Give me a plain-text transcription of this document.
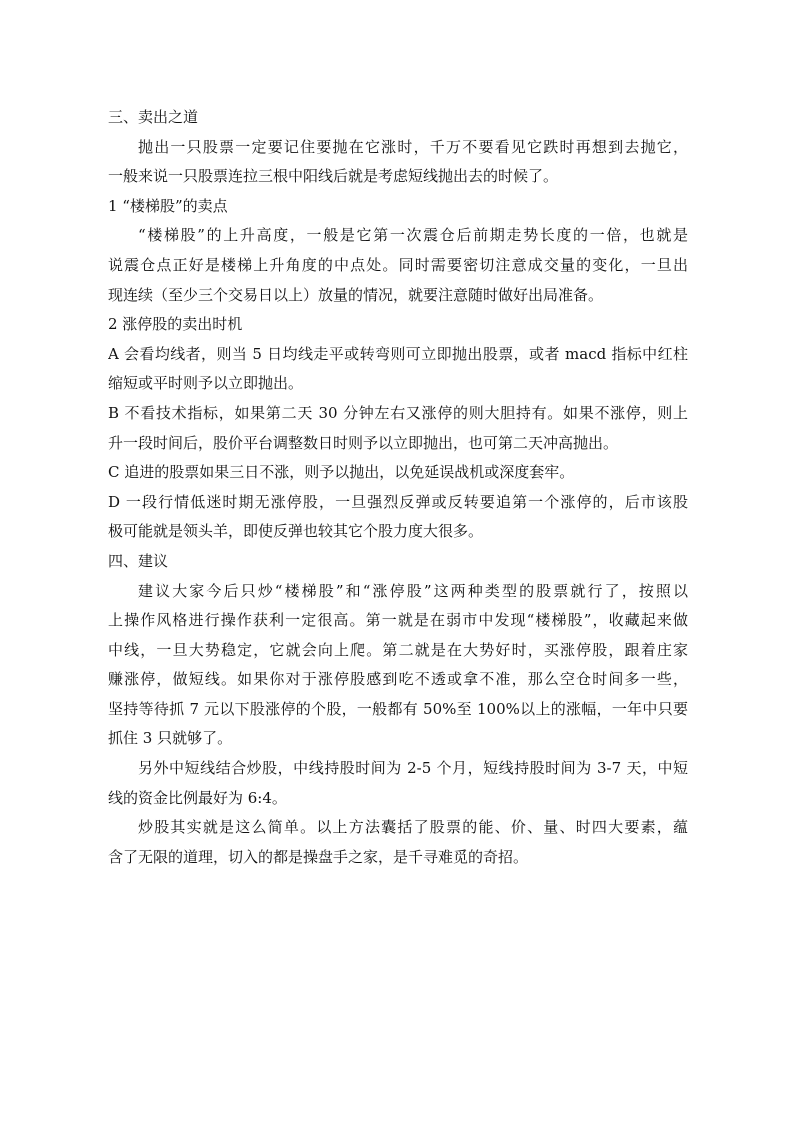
三、卖出之道
抛出一只股票一定要记住要抛在它涨时，千万不要看见它跌时再想到去抛它，
一般来说一只股票连拉三根中阳线后就是考虑短线抛出去的时候了。
1 “楼梯股”的卖点
“楼梯股”的上升高度，一般是它第一次震仓后前期走势长度的一倍，也就是
说震仓点正好是楼梯上升角度的中点处。同时需要密切注意成交量的变化，一旦出
现连续（至少三个交易日以上）放量的情况，就要注意随时做好出局准备。
2 涨停股的卖出时机
A 会看均线者，则当 5 日均线走平或转弯则可立即抛出股票，或者 macd 指标中红柱
缩短或平时则予以立即抛出。
B 不看技术指标，如果第二天 30 分钟左右又涨停的则大胆持有。如果不涨停，则上
升一段时间后，股价平台调整数日时则予以立即抛出，也可第二天冲高抛出。
C 追进的股票如果三日不涨，则予以抛出，以免延误战机或深度套牢。
D 一段行情低迷时期无涨停股，一旦强烈反弹或反转要追第一个涨停的，后市该股
极可能就是领头羊，即使反弹也较其它个股力度大很多。
四、建议
建议大家今后只炒“楼梯股”和“涨停股”这两种类型的股票就行了，按照以
上操作风格进行操作获利一定很高。第一就是在弱市中发现“楼梯股”，收藏起来做
中线，一旦大势稳定，它就会向上爬。第二就是在大势好时，买涨停股，跟着庄家
赚涨停，做短线。如果你对于涨停股感到吃不透或拿不准，那么空仓时间多一些，
坚持等待抓 7 元以下股涨停的个股，一般都有 50%至 100%以上的涨幅，一年中只要
抓住 3 只就够了。
另外中短线结合炒股，中线持股时间为 2-5 个月，短线持股时间为 3-7 天，中短
线的资金比例最好为 6:4。
炒股其实就是这么简单。以上方法囊括了股票的能、价、量、时四大要素，蕴
含了无限的道理，切入的都是操盘手之家，是千寻难觅的奇招。
